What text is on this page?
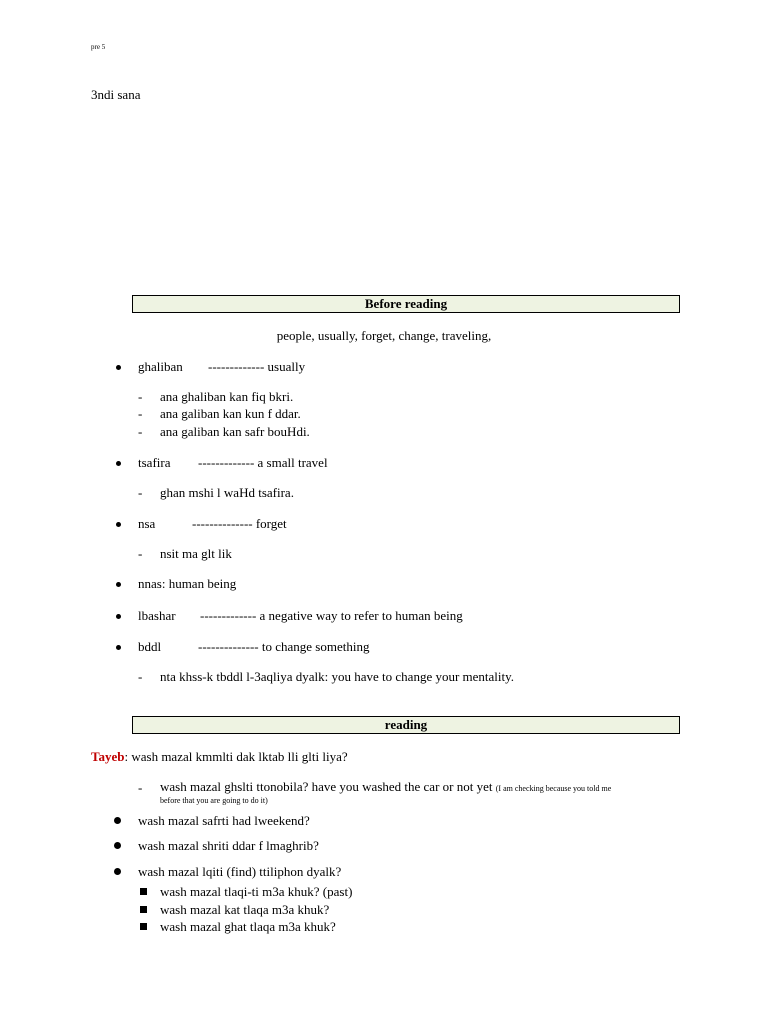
pre 5
3ndi sana
Before reading
people, usually, forget, change, traveling,
ghaliban ------------- usually
- ana ghaliban kan fiq bkri.
- ana galiban kan kun f ddar.
- ana galiban kan safr bouHdi.
tsafira ------------- a small travel
- ghan mshi l waHd tsafira.
nsa	-------------- forget
- nsit ma glt lik
nnas: human being
lbashar ------------- a negative way to refer to human being
bddl	-------------- to change something
- nta khss-k tbddl l-3aqliya dyalk: you have to change your mentality.
reading
Tayeb: wash mazal kmmlti dak lktab lli glti liya?
- wash mazal ghslti ttonobila? have you washed the car or not yet (I am checking because you told me
before that you are going to do it)
wash mazal safrti had lweekend?
wash mazal shriti ddar f lmaghrib?
wash mazal lqiti (find) ttiliphon dyalk?
wash mazal tlaqi-ti m3a khuk? (past)
wash mazal kat tlaqa m3a khuk?
wash mazal ghat tlaqa m3a khuk?
